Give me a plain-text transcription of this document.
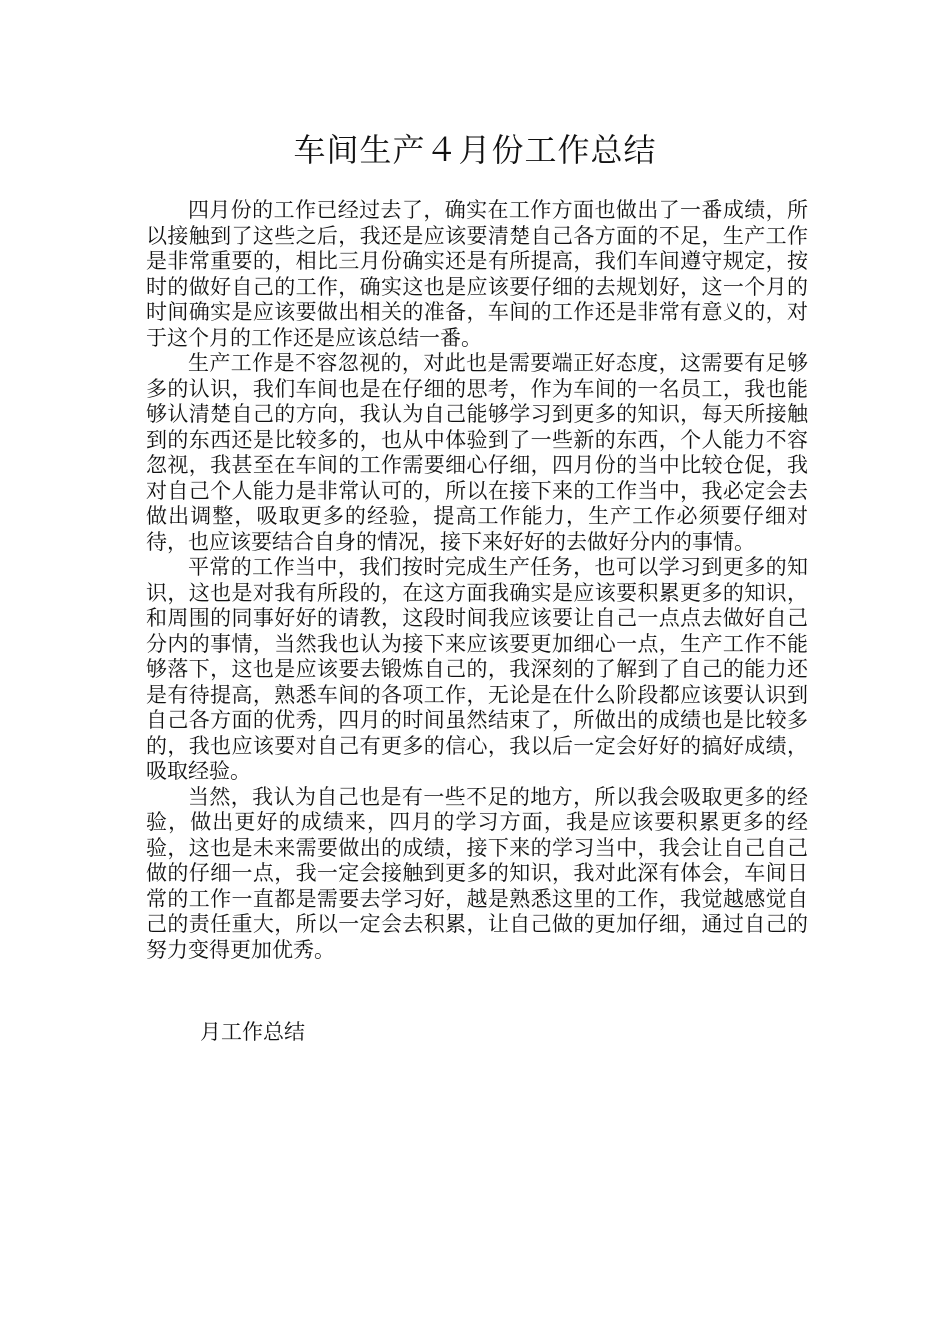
车间生产４月份工作总结

四月份的工作已经过去了，确实在工作方面也做出了一番成绩，所以接触到了这些之后，我还是应该要清楚自己各方面的不足，生产工作是非常重要的，相比三月份确实还是有所提高，我们车间遵守规定，按时的做好自己的工作，确实这也是应该要仔细的去规划好，这一个月的时间确实是应该要做出相关的准备，车间的工作还是非常有意义的，对于这个月的工作还是应该总结一番。

生产工作是不容忽视的，对此也是需要端正好态度，这需要有足够多的认识，我们车间也是在仔细的思考，作为车间的一名员工，我也能够认清楚自己的方向，我认为自己能够学习到更多的知识，每天所接触到的东西还是比较多的，也从中体验到了一些新的东西，个人能力不容忽视，我甚至在车间的工作需要细心仔细，四月份的当中比较仓促，我对自己个人能力是非常认可的，所以在接下来的工作当中，我必定会去做出调整，吸取更多的经验，提高工作能力，生产工作必须要仔细对待，也应该要结合自身的情况，接下来好好的去做好分内的事情。

平常的工作当中，我们按时完成生产任务，也可以学习到更多的知识，这也是对我有所段的，在这方面我确实是应该要积累更多的知识，和周围的同事好好的请教，这段时间我应该要让自己一点点去做好自己分内的事情，当然我也认为接下来应该要更加细心一点，生产工作不能够落下，这也是应该要去锻炼自己的，我深刻的了解到了自己的能力还是有待提高，熟悉车间的各项工作，无论是在什么阶段都应该要认识到自己各方面的优秀，四月的时间虽然结束了，所做出的成绩也是比较多的，我也应该要对自己有更多的信心，我以后一定会好好的搞好成绩，吸取经验。

当然，我认为自己也是有一些不足的地方，所以我会吸取更多的经验，做出更好的成绩来，四月的学习方面，我是应该要积累更多的经验，这也是未来需要做出的成绩，接下来的学习当中，我会让自己自己做的仔细一点，我一定会接触到更多的知识，我对此深有体会，车间日常的工作一直都是需要去学习好，越是熟悉这里的工作，我觉越感觉自己的责任重大，所以一定会去积累，让自己做的更加仔细，通过自己的努力变得更加优秀。

月工作总结
